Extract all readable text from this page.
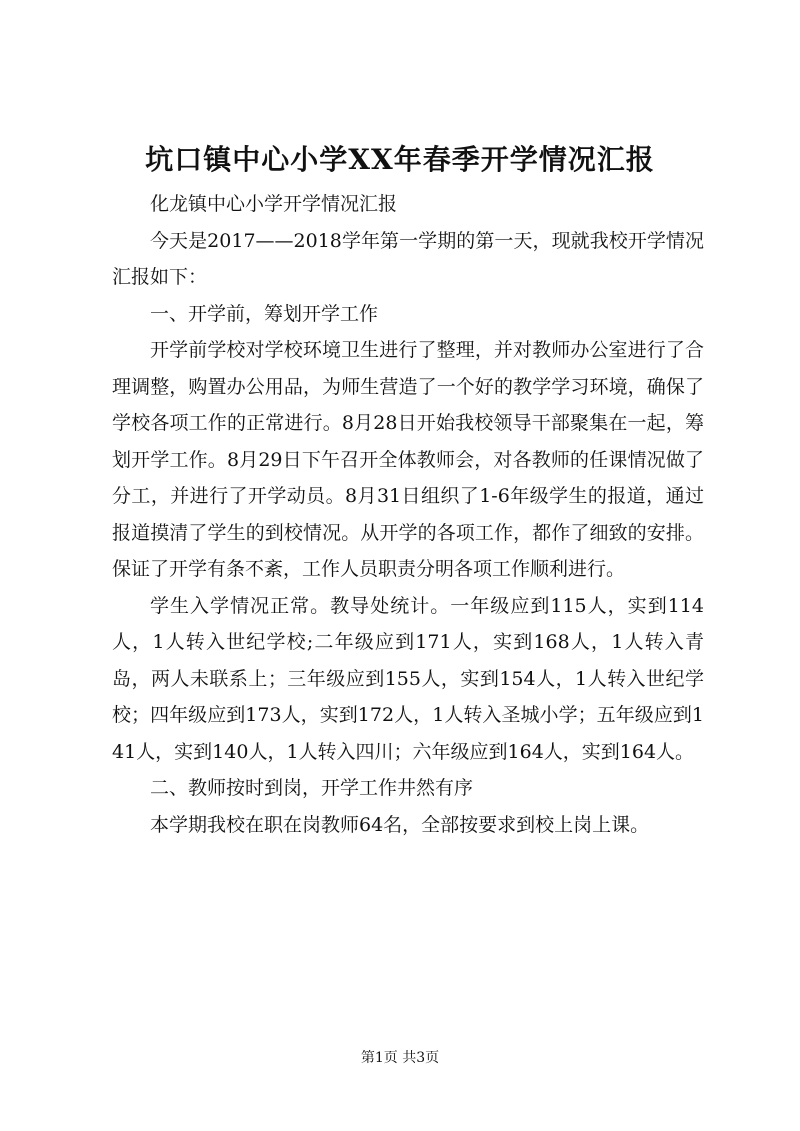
坑口镇中心小学XX年春季开学情况汇报

化龙镇中心小学开学情况汇报

今天是2017——2018学年第一学期的第一天，现就我校开学情况汇报如下：

一、开学前，筹划开学工作

开学前学校对学校环境卫生进行了整理，并对教师办公室进行了合理调整，购置办公用品，为师生营造了一个好的教学学习环境，确保了学校各项工作的正常进行。8月28日开始我校领导干部聚集在一起，筹划开学工作。8月29日下午召开全体教师会，对各教师的任课情况做了分工，并进行了开学动员。8月31日组织了1-6年级学生的报道，通过报道摸清了学生的到校情况。从开学的各项工作，都作了细致的安排。保证了开学有条不紊，工作人员职责分明各项工作顺利进行。

学生入学情况正常。教导处统计。一年级应到115人，实到114人，1人转入世纪学校;二年级应到171人，实到168人，1人转入青岛，两人未联系上；三年级应到155人，实到154人，1人转入世纪学校；四年级应到173人，实到172人，1人转入圣城小学；五年级应到141人，实到140人，1人转入四川；六年级应到164人，实到164人。

二、教师按时到岗，开学工作井然有序

本学期我校在职在岗教师64名，全部按要求到校上岗上课。

第1页 共3页
